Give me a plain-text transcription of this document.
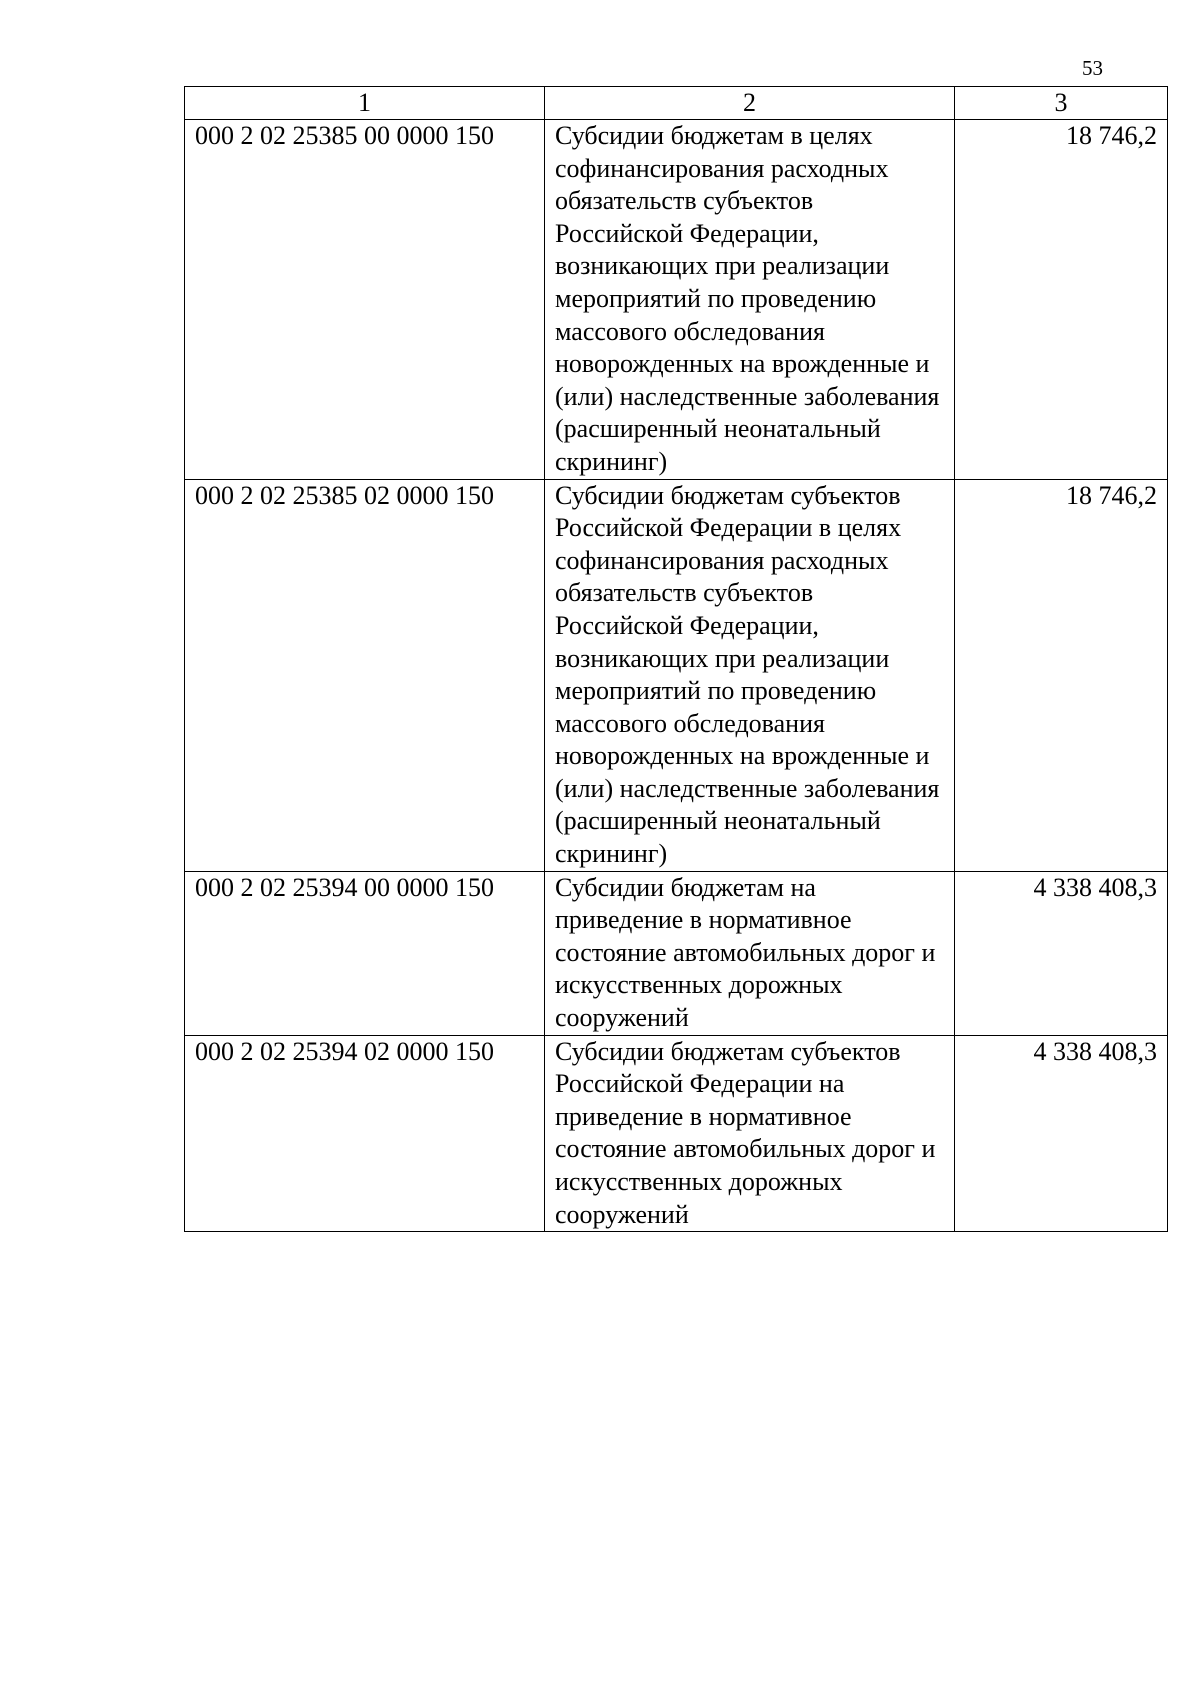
53
1	2	3
000 2 02 25385 00 0000 150	Субсидии бюджетам в целях софинансирования расходных обязательств субъектов Российской Федерации, возникающих при реализации мероприятий по проведению массового обследования новорожденных на врожденные и (или) наследственные заболевания (расширенный неонатальный скрининг)	18 746,2
000 2 02 25385 02 0000 150	Субсидии бюджетам субъектов Российской Федерации в целях софинансирования расходных обязательств субъектов Российской Федерации, возникающих при реализации мероприятий по проведению массового обследования новорожденных на врожденные и (или) наследственные заболевания (расширенный неонатальный скрининг)	18 746,2
000 2 02 25394 00 0000 150	Субсидии бюджетам на приведение в нормативное состояние автомобильных дорог и искусственных дорожных сооружений	4 338 408,3
000 2 02 25394 02 0000 150	Субсидии бюджетам субъектов Российской Федерации на приведение в нормативное состояние автомобильных дорог и искусственных дорожных сооружений	4 338 408,3
